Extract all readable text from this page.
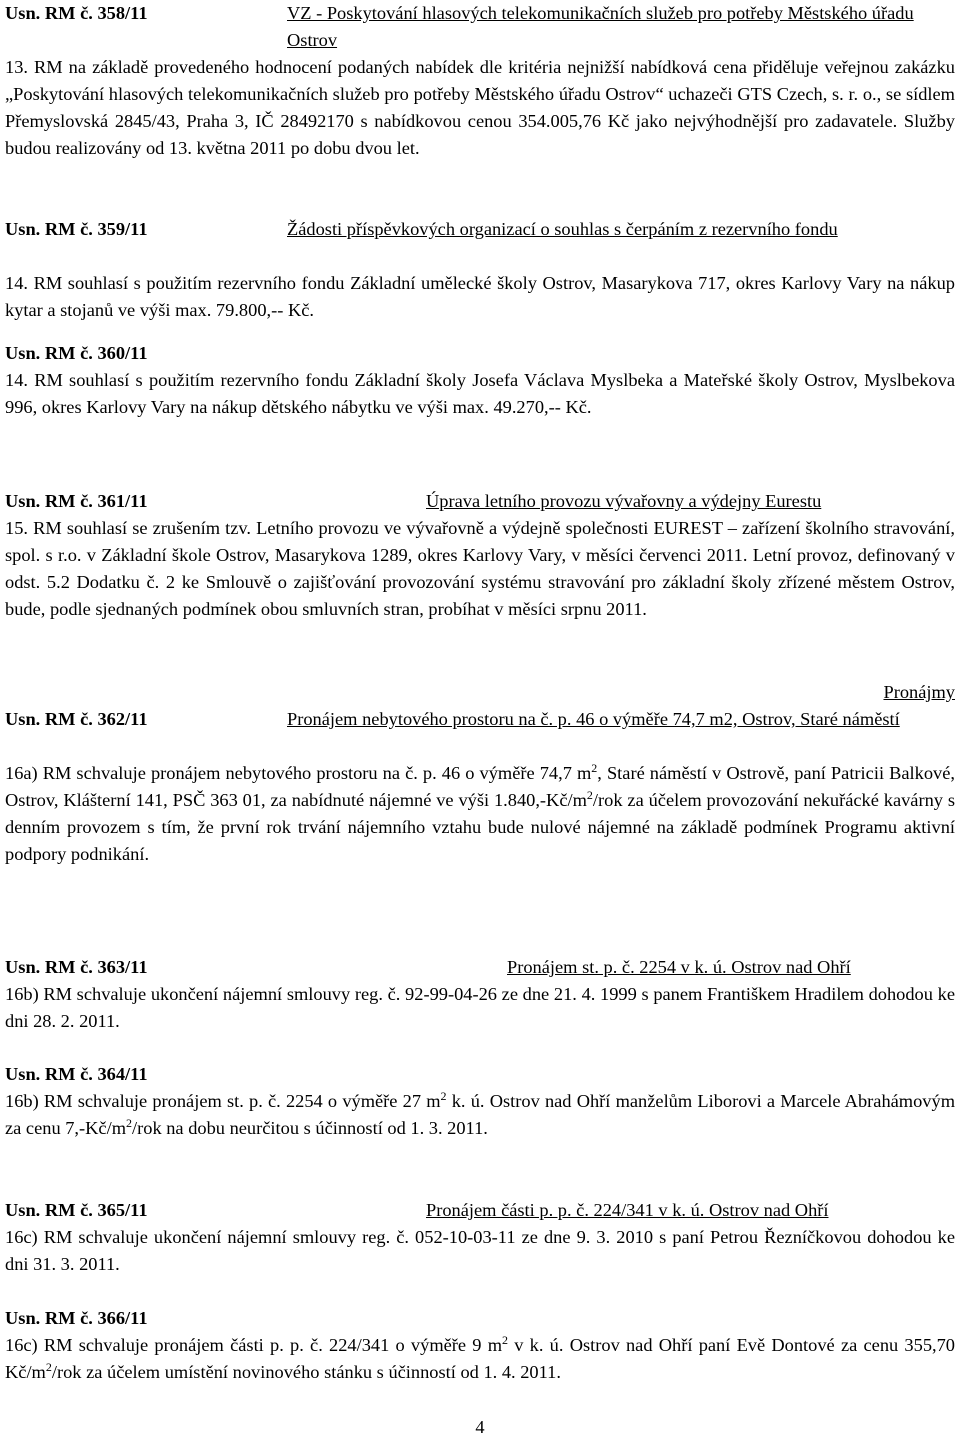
Usn. RM č. 358/11	VZ - Poskytování hlasových telekomunikačních služeb pro potřeby Městského úřadu Ostrov

13. RM na základě provedeného hodnocení podaných nabídek dle kritéria nejnižší nabídková cena přiděluje veřejnou zakázku „Poskytování hlasových telekomunikačních služeb pro potřeby Městského úřadu Ostrov“ uchazeči GTS Czech, s. r. o., se sídlem Přemyslovská 2845/43, Praha 3, IČ 28492170 s nabídkovou cenou 354.005,76 Kč jako nejvýhodnější pro zadavatele. Služby budou realizovány od 13. května 2011 po dobu dvou let.

Usn. RM č. 359/11	Žádosti příspěvkových organizací o souhlas s čerpáním z rezervního fondu

14. RM souhlasí s použitím rezervního fondu Základní umělecké školy Ostrov, Masarykova 717, okres Karlovy Vary na nákup kytar a stojanů ve výši max. 79.800,-- Kč.

Usn. RM č. 360/11

14. RM souhlasí s použitím rezervního fondu Základní školy Josefa Václava Myslbeka a Mateřské školy Ostrov, Myslbekova 996, okres Karlovy Vary na nákup dětského nábytku ve výši max. 49.270,-- Kč.

Usn. RM č. 361/11	Úprava letního provozu vývařovny a výdejny Eurestu

15. RM souhlasí se zrušením tzv. Letního provozu ve vývařovně a výdejně společnosti EUREST – zařízení školního stravování, spol. s r.o. v Základní škole Ostrov, Masarykova 1289, okres Karlovy Vary, v měsíci červenci 2011. Letní provoz, definovaný v odst. 5.2 Dodatku č. 2 ke Smlouvě o zajišťování provozování systému stravování pro základní školy zřízené městem Ostrov, bude, podle sjednaných podmínek obou smluvních stran, probíhat v měsíci srpnu 2011.

Pronájmy
Usn. RM č. 362/11	Pronájem nebytového prostoru na č. p. 46 o výměře 74,7 m2, Ostrov, Staré náměstí

16a) RM schvaluje pronájem nebytového prostoru na č. p. 46 o výměře 74,7 $m^2$, Staré náměstí v Ostrově, paní Patricii Balkové, Ostrov, Klášterní 141, PSČ 363 01, za nabídnuté nájemné ve výši $1.840,-Kč/m^2$/rok za účelem provozování nekuřácké kavárny s denním provozem s tím, že první rok trvání nájemního vztahu bude nulové nájemné na základě podmínek Programu aktivní podpory podnikání.

Usn. RM č. 363/11	Pronájem st. p. č. 2254 v k. ú. Ostrov nad Ohří

16b) RM schvaluje ukončení nájemní smlouvy reg. č. 92-99-04-26 ze dne 21. 4. 1999 s panem Františkem Hradilem dohodou ke dni 28. 2. 2011.

Usn. RM č. 364/11

16b) RM schvaluje pronájem st. p. č. 2254 o výměře 27 $m^2$ k. ú. Ostrov nad Ohří manželům Liborovi a Marcele Abrahámovým za cenu $7,-Kč/m^2$/rok na dobu neurčitou s účinností od 1. 3. 2011.

Usn. RM č. 365/11	Pronájem části p. p. č. 224/341 v k. ú. Ostrov nad Ohří

16c) RM schvaluje ukončení nájemní smlouvy reg. č. 052-10-03-11 ze dne 9. 3. 2010 s paní Petrou Řezníčkovou dohodou ke dni 31. 3. 2011.

Usn. RM č. 366/11

16c) RM schvaluje pronájem části p. p. č. 224/341 o výměře 9 $m^2$ v k. ú. Ostrov nad Ohří paní Evě Dontové za cenu 355,70 $Kč/m^2$/rok za účelem umístění novinového stánku s účinností od 1. 4. 2011.

4
